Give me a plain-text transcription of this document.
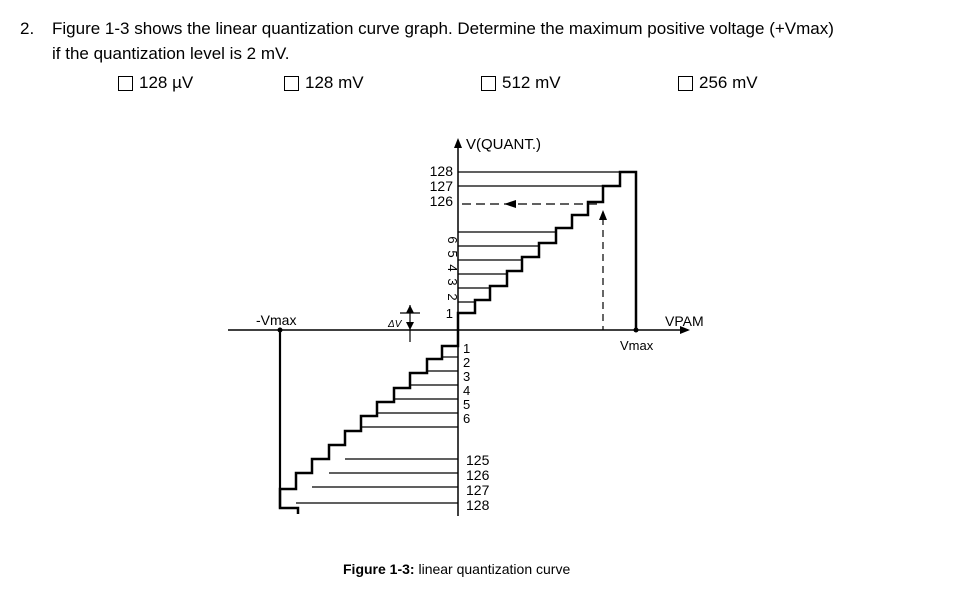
2. Figure 1-3 shows the linear quantization curve graph. Determine the maximum positive voltage (+Vmax)
if the quantization level is 2 mV.
128 µV	128 mV	512 mV	256 mV
V(QUANT.)
VPAM
Vmax
-Vmax	ΔV
128
127
126
6
5
4
3
2
1
1
2
3
4
5
6
125
126
127
128
Figure 1-3: linear quantization curve
